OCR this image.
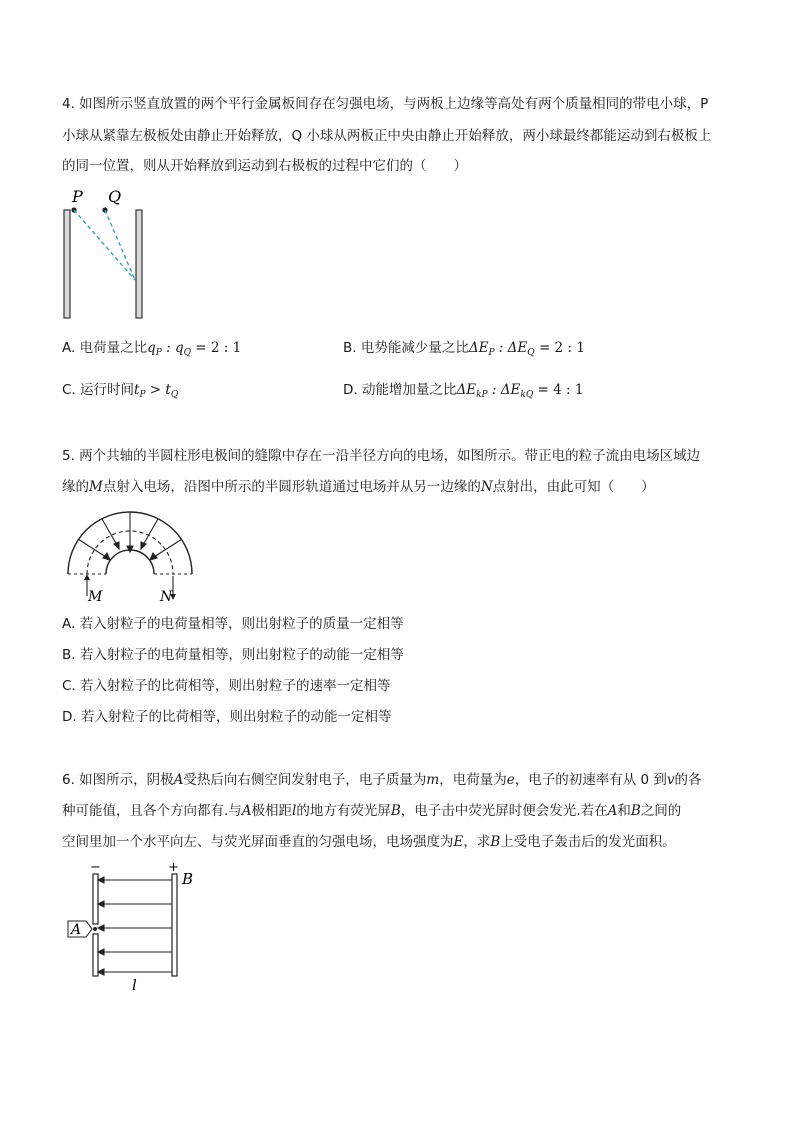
4. 如图所示竖直放置的两个平行金属板间存在匀强电场，与两板上边缘等高处有两个质量相同的带电小球，P
小球从紧靠左极板处由静止开始释放，Q 小球从两板正中央由静止开始释放，两小球最终都能运动到右极板上
的同一位置，则从开始释放到运动到右极板的过程中它们的（　　）
P Q
A. 电荷量之比$q_P$ : $q_Q = 2$ : 1	B. 电势能减少量之比$\Delta E_P$ : $\Delta E_Q = 2$ : 1
C. 运行时间$t_P > t_Q$	D. 动能增加量之比$\Delta E_{kP}$ : $\Delta E_{kQ} = 4$ : 1
5. 两个共轴的半圆柱形电极间的缝隙中存在一沿半径方向的电场，如图所示。带正电的粒子流由电场区域边
缘的M点射入电场，沿图中所示的半圆形轨道通过电场并从另一边缘的N点射出，由此可知（　　）
M	N
A. 若入射粒子的电荷量相等，则出射粒子的质量一定相等
B. 若入射粒子的电荷量相等，则出射粒子的动能一定相等
C. 若入射粒子的比荷相等，则出射粒子的速率一定相等
D. 若入射粒子的比荷相等，则出射粒子的动能一定相等
6. 如图所示，阴极A受热后向右侧空间发射电子，电子质量为m，电荷量为e，电子的初速率有从 0 到v的各
种可能值，且各个方向都有.与A极相距l的地方有荧光屏B，电子击中荧光屏时便会发光.若在A和B之间的
空间里加一个水平向左、与荧光屏面垂直的匀强电场，电场强度为E，求B上受电子轰击后的发光面积。
A
−	+
B
l
